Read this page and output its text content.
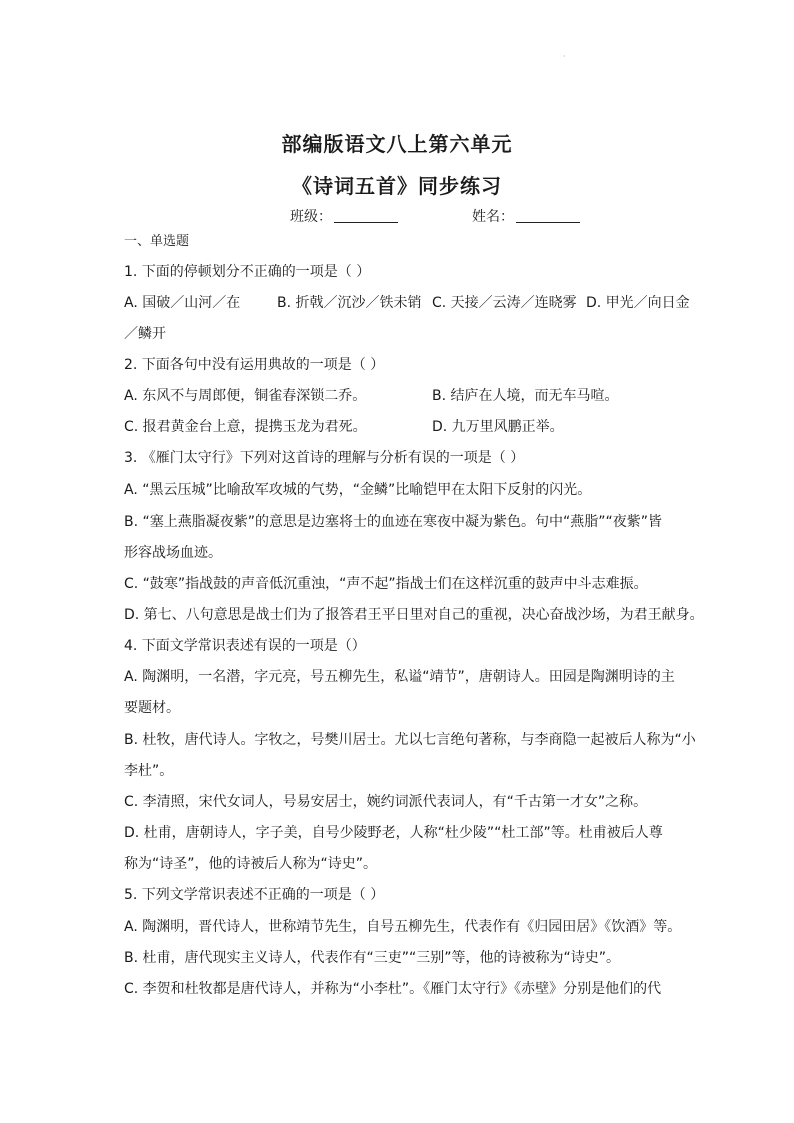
·
部编版语文八上第六单元
《诗词五首》同步练习
班级：	姓名：
一、单选题
1. 下面的停顿划分不正确的一项是（ ）
A. 国破／山河／在	B. 折戟／沉沙／铁未销 C. 天接／云涛／连晓雾 D. 甲光／向日金
／鳞开
2. 下面各句中没有运用典故的一项是（ ）
A. 东风不与周郎便，铜雀春深锁二乔。	B. 结庐在人境，而无车马喧。
C. 报君黄金台上意，提携玉龙为君死。	D. 九万里风鹏正举。
3. 《雁门太守行》下列对这首诗的理解与分析有误的一项是（ ）
A. “黑云压城”比喻敌军攻城的气势，“金鳞”比喻铠甲在太阳下反射的闪光。
B. “塞上燕脂凝夜紫”的意思是边塞将士的血迹在寒夜中凝为紫色。句中“燕脂”“夜紫”皆
形容战场血迹。
C. “鼓寒”指战鼓的声音低沉重浊，“声不起”指战士们在这样沉重的鼓声中斗志难振。
D. 第七、八句意思是战士们为了报答君王平日里对自己的重视，决心奋战沙场，为君王献身。
4. 下面文学常识表述有误的一项是（）
A. 陶渊明，一名潜，字元亮，号五柳先生，私谥“靖节”，唐朝诗人。田园是陶渊明诗的主
要题材。
B. 杜牧，唐代诗人。字牧之，号樊川居士。尤以七言绝句著称，与李商隐一起被后人称为“小
李杜”。
C. 李清照，宋代女词人，号易安居士，婉约词派代表词人，有“千古第一才女”之称。
D. 杜甫，唐朝诗人，字子美，自号少陵野老，人称“杜少陵”“杜工部”等。杜甫被后人尊
称为“诗圣”，他的诗被后人称为“诗史”。
5. 下列文学常识表述不正确的一项是（ ）
A. 陶渊明，晋代诗人，世称靖节先生，自号五柳先生，代表作有《归园田居》《饮酒》等。
B. 杜甫，唐代现实主义诗人，代表作有“三吏”“三别”等，他的诗被称为“诗史”。
C. 李贺和杜牧都是唐代诗人，并称为“小李杜”。《雁门太守行》《赤壁》分别是他们的代
